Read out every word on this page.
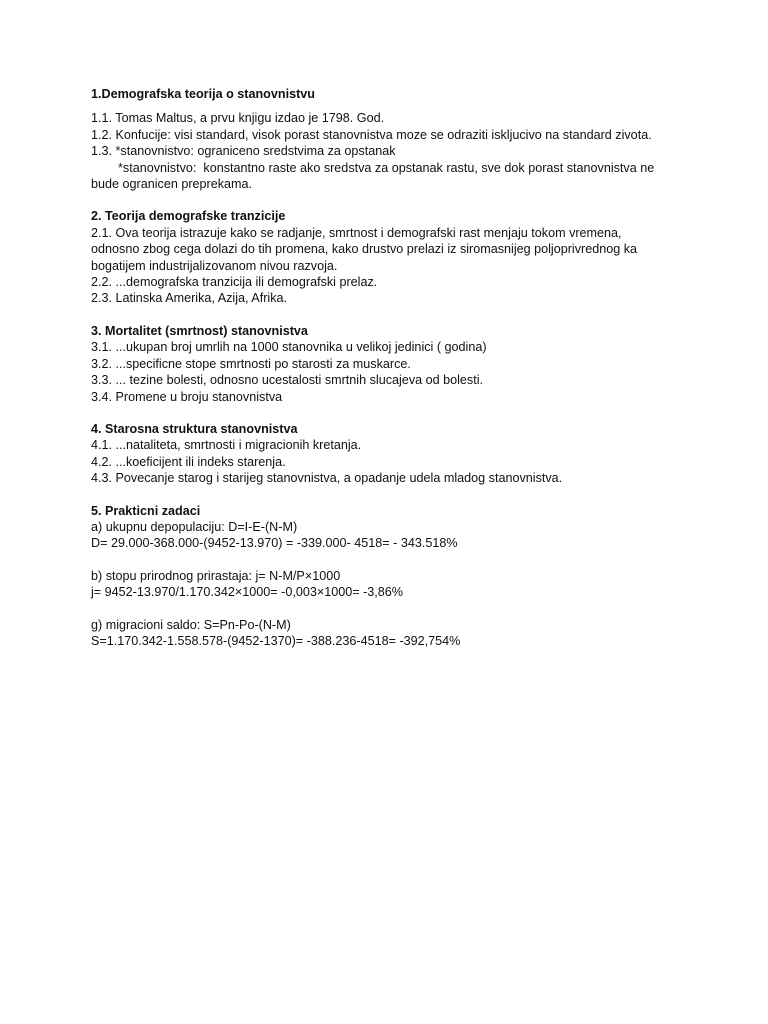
1.Demografska teorija o stanovnistvu

1.1. Tomas Maltus, a prvu knjigu izdao je 1798. God.

1.2. Konfucije: visi standard, visok porast stanovnistva moze se odraziti iskljucivo na standard zivota.

1.3. *stanovnistvo: ograniceno sredstvima za opstanak

*stanovnistvo:  konstantno raste ako sredstva za opstanak rastu, sve dok porast stanovnistva ne

bude ogranicen preprekama.

2. Teorija demografske tranzicije

2.1. Ova teorija istrazuje kako se radjanje, smrtnost i demografski rast menjaju tokom vremena,

odnosno zbog cega dolazi do tih promena, kako drustvo prelazi iz siromasnijeg poljoprivrednog ka

bogatijem industrijalizovanom nivou razvoja.

2.2. ...demografska tranzicija ili demografski prelaz.

2.3. Latinska Amerika, Azija, Afrika.

3. Mortalitet (smrtnost) stanovnistva

3.1. ...ukupan broj umrlih na 1000 stanovnika u velikoj jedinici ( godina)

3.2. ...specificne stope smrtnosti po starosti za muskarce.

3.3. ... tezine bolesti, odnosno ucestalosti smrtnih slucajeva od bolesti.

3.4. Promene u broju stanovnistva

4. Starosna struktura stanovnistva

4.1. ...nataliteta, smrtnosti i migracionih kretanja.

4.2. ...koeficijent ili indeks starenja.

4.3. Povecanje starog i starijeg stanovnistva, a opadanje udela mladog stanovnistva.

5. Prakticni zadaci

a) ukupnu depopulaciju: D=I-E-(N-M)

D= 29.000-368.000-(9452-13.970) = -339.000- 4518= - 343.518%

b) stopu prirodnog prirastaja: j= N-M/P×1000

j= 9452-13.970/1.170.342×1000= -0,003×1000= -3,86%

g) migracioni saldo: S=Pn-Po-(N-M)

S=1.170.342-1.558.578-(9452-1370)= -388.236-4518= -392,754%
